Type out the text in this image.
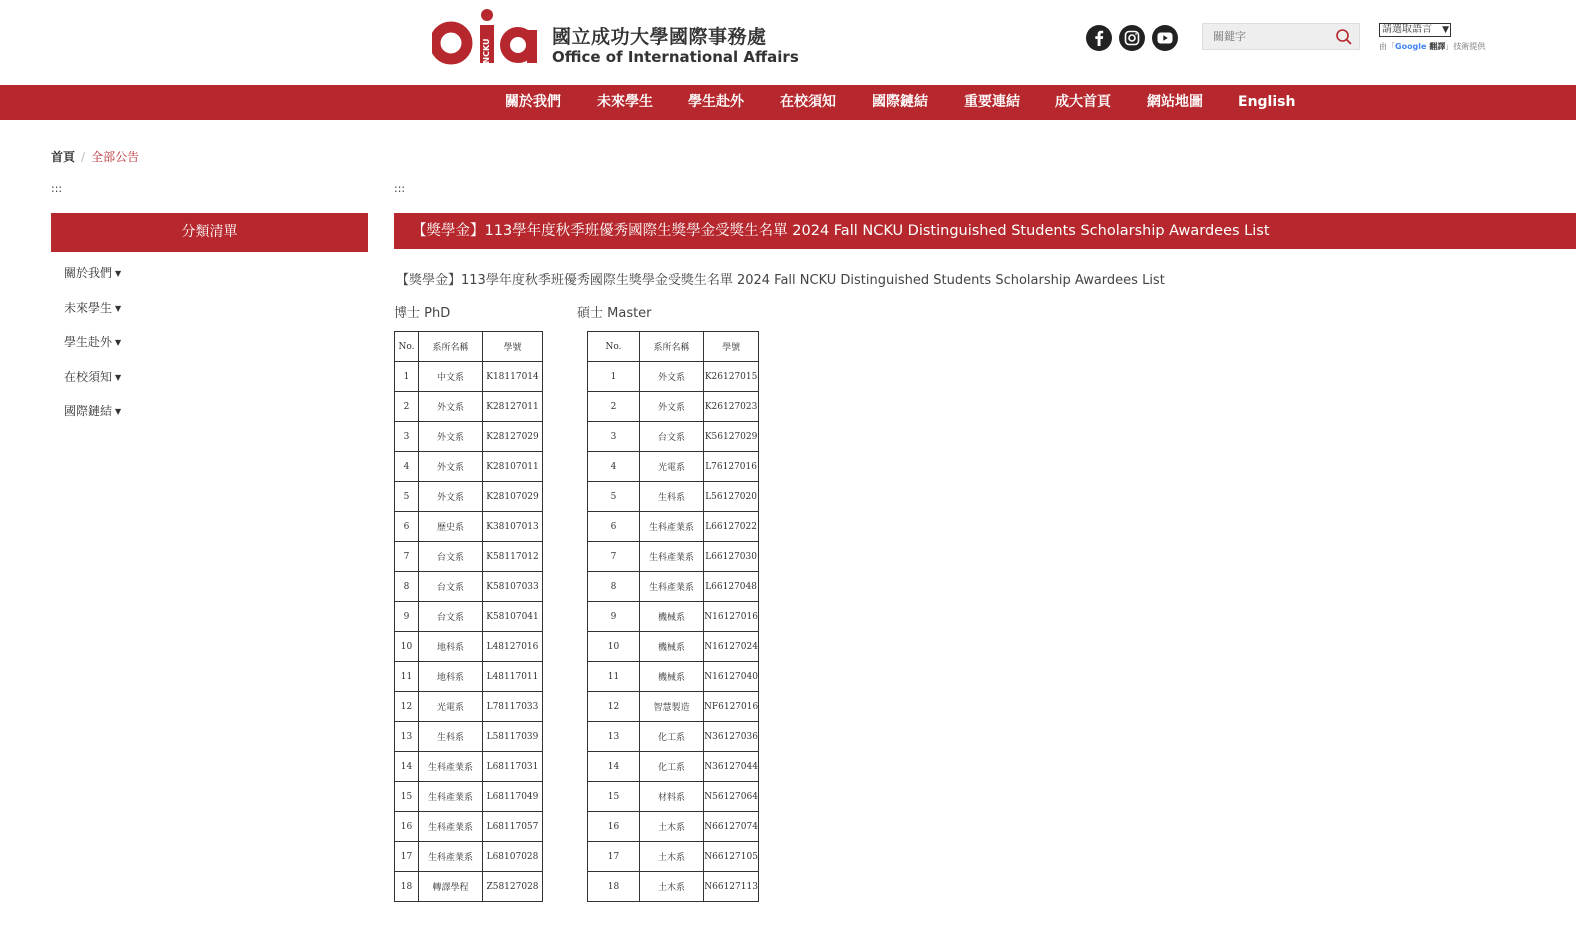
NCKU
國立成功大學國際事務處
Office of International Affairs
關鍵字
請選取語言 ▼
由「Google 翻譯」技術提供
關於我們	未來學生	學生赴外	在校須知	國際鏈結	重要連結	成大首頁	網站地圖	English
首頁 / 全部公告
:::	:::
分類清單
關於我們 ▼
未來學生 ▼
學生赴外 ▼
在校須知 ▼
國際鏈結 ▼
【獎學金】113學年度秋季班優秀國際生獎學金受獎生名單 2024 Fall NCKU Distinguished Students Scholarship Awardees List
【獎學金】113學年度秋季班優秀國際生獎學金受獎生名單 2024 Fall NCKU Distinguished Students Scholarship Awardees List
博士 PhD	碩士 Master
No.	系所名稱	學號
1	中文系	K18117014
2	外文系	K28127011
3	外文系	K28127029
4	外文系	K28107011
5	外文系	K28107029
6	歷史系	K38107013
7	台文系	K58117012
8	台文系	K58107033
9	台文系	K58107041
10	地科系	L48127016
11	地科系	L48117011
12	光電系	L78117033
13	生科系	L58117039
14	生科產業系	L68117031
15	生科產業系	L68117049
16	生科產業系	L68117057
17	生科產業系	L68107028
18	轉譯學程	Z58127028
No.	系所名稱	學號
1	外文系	K26127015
2	外文系	K26127023
3	台文系	K56127029
4	光電系	L76127016
5	生科系	L56127020
6	生科產業系	L66127022
7	生科產業系	L66127030
8	生科產業系	L66127048
9	機械系	N16127016
10	機械系	N16127024
11	機械系	N16127040
12	智慧製造	NF6127016
13	化工系	N36127036
14	化工系	N36127044
15	材料系	N56127064
16	土木系	N66127074
17	土木系	N66127105
18	土木系	N66127113
